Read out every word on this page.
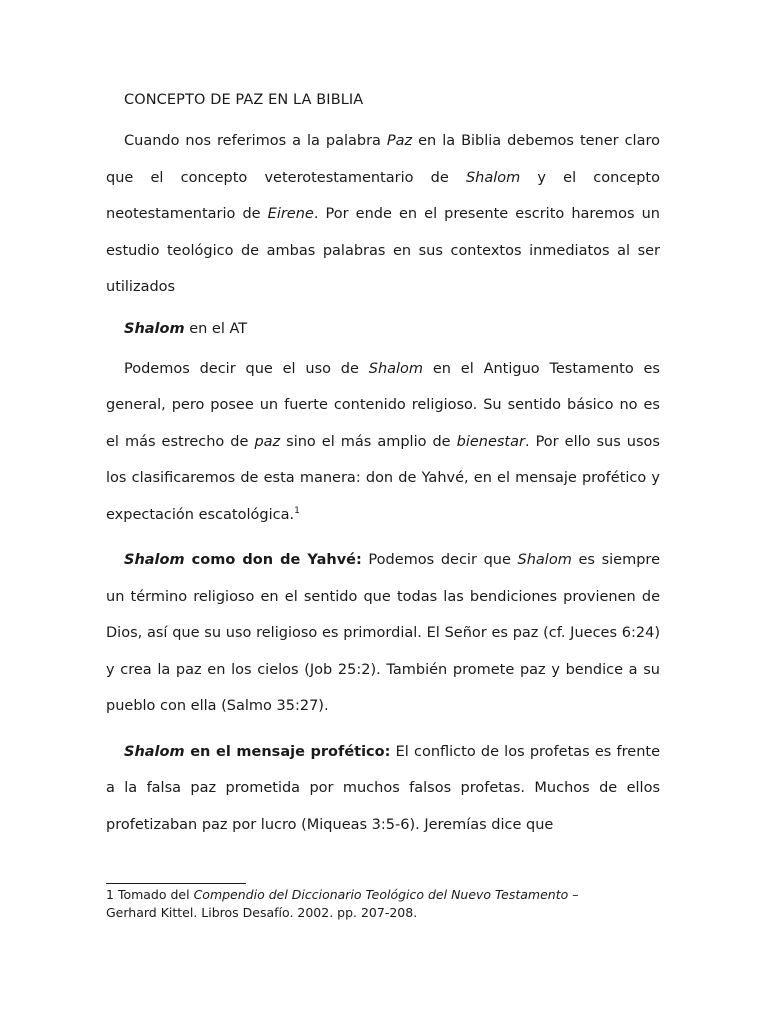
CONCEPTO DE PAZ EN LA BIBLIA

Cuando nos referimos a la palabra Paz en la Biblia debemos tener claro que el concepto veterotestamentario de Shalom y el concepto neotestamentario de Eirene. Por ende en el presente escrito haremos un estudio teológico de ambas palabras en sus contextos inmediatos al ser utilizados

Shalom en el AT

Podemos decir que el uso de Shalom en el Antiguo Testamento es general, pero posee un fuerte contenido religioso. Su sentido básico no es el más estrecho de paz sino el más amplio de bienestar. Por ello sus usos los clasificaremos de esta manera: don de Yahvé, en el mensaje profético y expectación escatológica.$^1$

Shalom como don de Yahvé: Podemos decir que Shalom es siempre un término religioso en el sentido que todas las bendiciones provienen de Dios, así que su uso religioso es primordial. El Señor es paz (cf. Jueces 6:24) y crea la paz en los cielos (Job 25:2). También promete paz y bendice a su pueblo con ella (Salmo 35:27).

Shalom en el mensaje profético: El conflicto de los profetas es frente a la falsa paz prometida por muchos falsos profetas. Muchos de ellos profetizaban paz por lucro (Miqueas 3:5-6). Jeremías dice que

1 Tomado del Compendio del Diccionario Teológico del Nuevo Testamento –
Gerhard Kittel. Libros Desafío. 2002. pp. 207-208.
